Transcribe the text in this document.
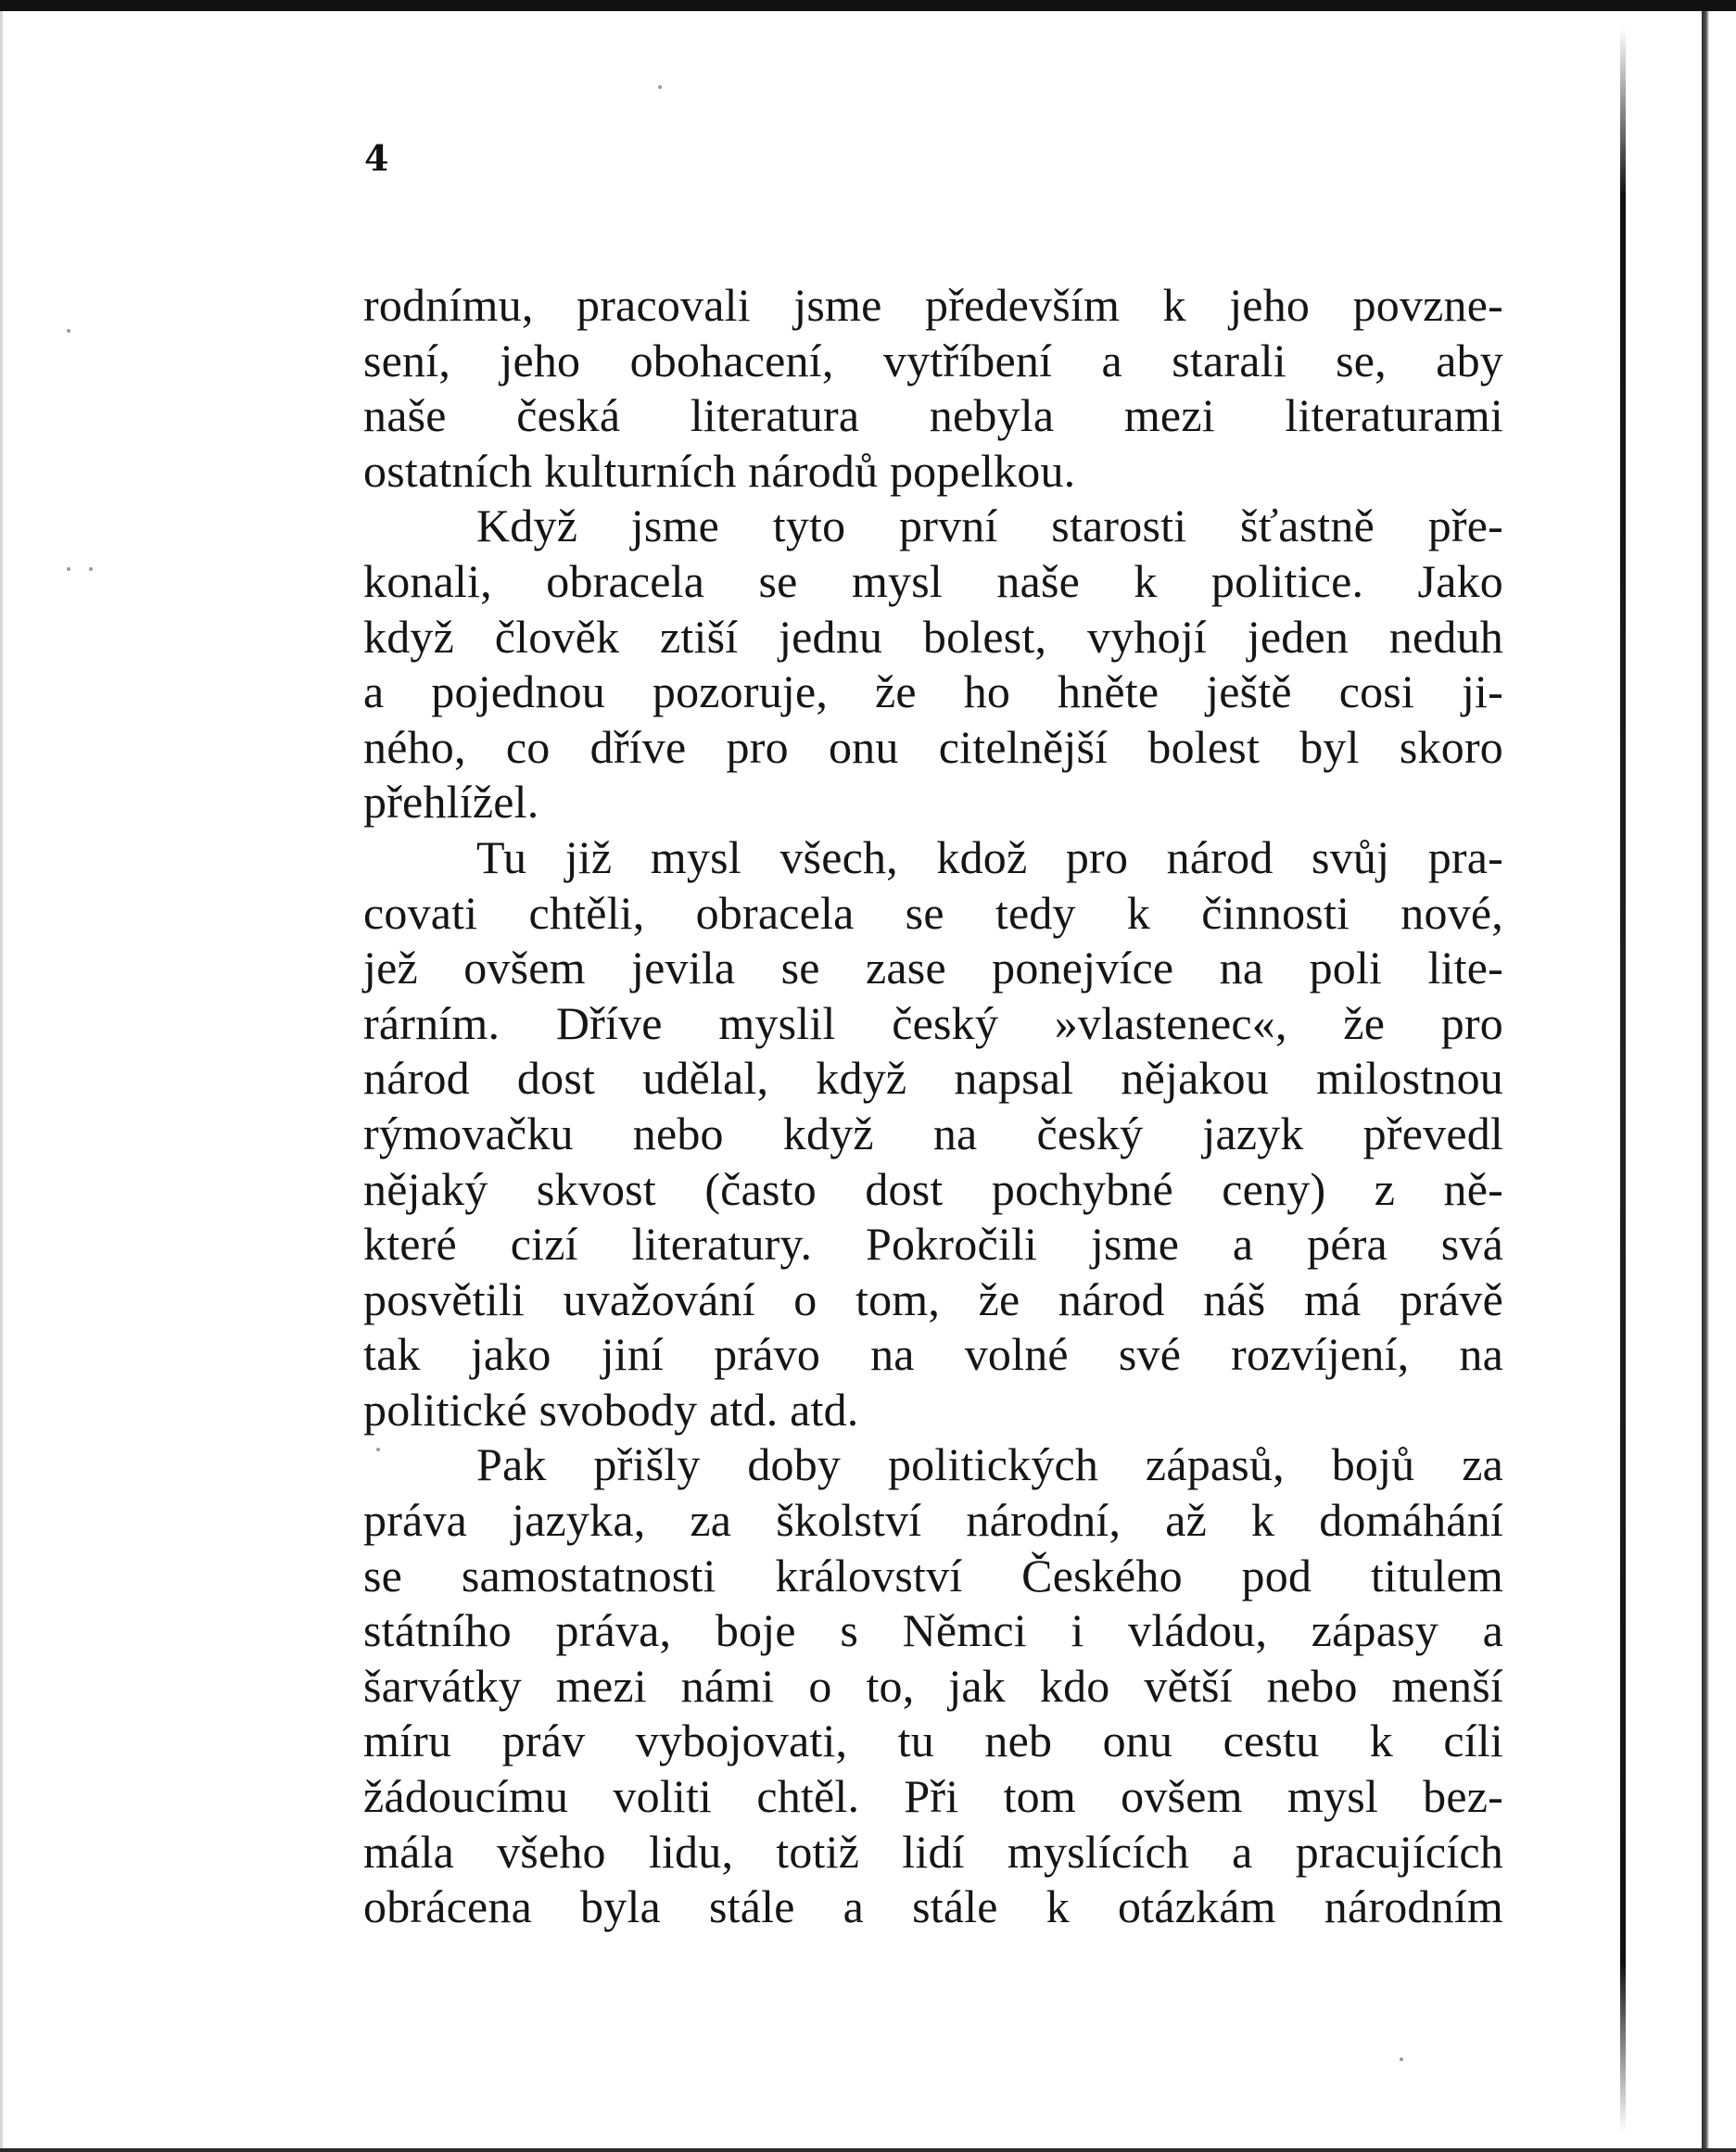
4
rodnímu, pracovali jsme především k jeho povzne-
sení, jeho obohacení, vytříbení a starali se, aby
naše česká literatura nebyla mezi literaturami
ostatních kulturních národů popelkou.
Když jsme tyto první starosti šťastně pře-
konali, obracela se mysl naše k politice. Jako
když člověk ztiší jednu bolest, vyhojí jeden neduh
a pojednou pozoruje, že ho hněte ještě cosi ji-
ného, co dříve pro onu citelnější bolest byl skoro
přehlížel.
Tu již mysl všech, kdož pro národ svůj pra-
covati chtěli, obracela se tedy k činnosti nové,
jež ovšem jevila se zase ponejvíce na poli lite-
rárním. Dříve myslil český »vlastenec«, že pro
národ dost udělal, když napsal nějakou milostnou
rýmovačku nebo když na český jazyk převedl
nějaký skvost (často dost pochybné ceny) z ně-
které cizí literatury. Pokročili jsme a péra svá
posvětili uvažování o tom, že národ náš má právě
tak jako jiní právo na volné své rozvíjení, na
politické svobody atd. atd.
Pak přišly doby politických zápasů, bojů za
práva jazyka, za školství národní, až k domáhání
se samostatnosti království Českého pod titulem
státního práva, boje s Němci i vládou, zápasy a
šarvátky mezi námi o to, jak kdo větší nebo menší
míru práv vybojovati, tu neb onu cestu k cíli
žádoucímu voliti chtěl. Při tom ovšem mysl bez-
mála všeho lidu, totiž lidí myslících a pracujících
obrácena byla stále a stále k otázkám národním
